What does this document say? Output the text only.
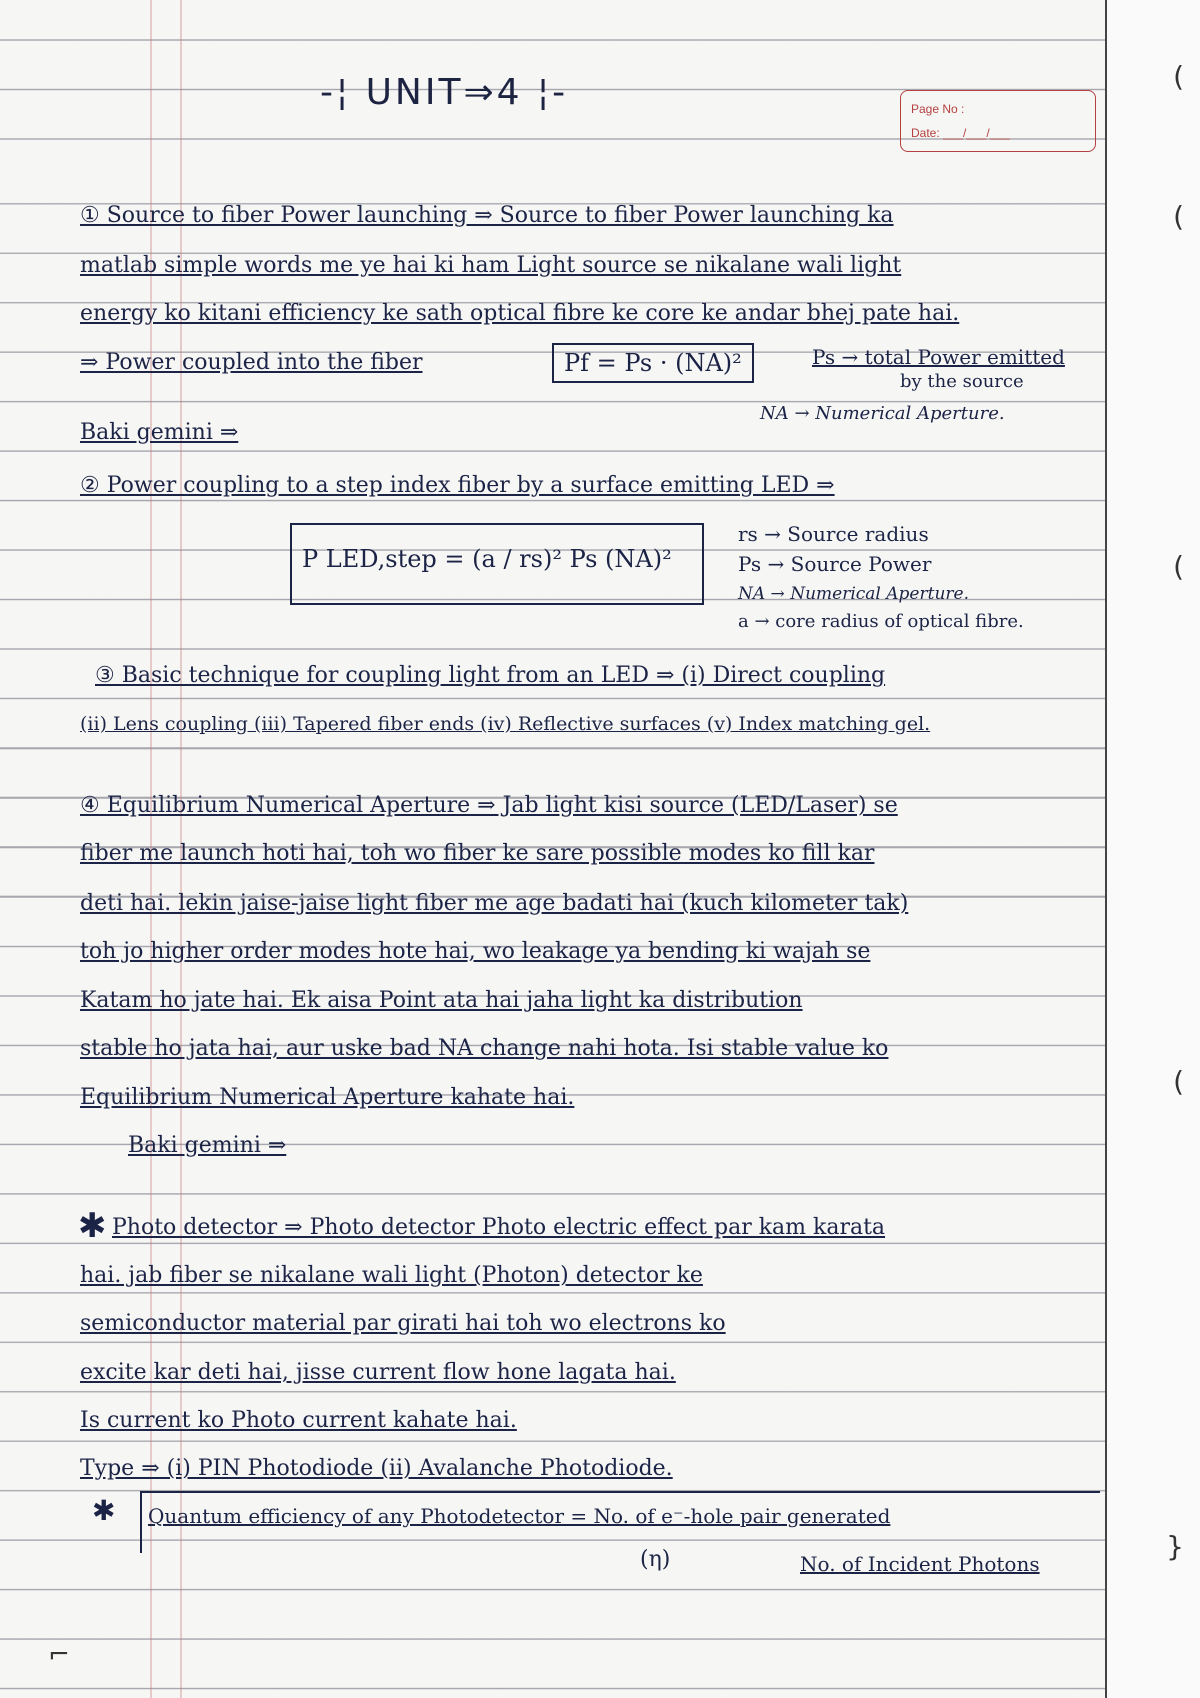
(
(
(
(
}
-¦ UNIT⇒4 ¦-	Page No :
Date: ___/___/___
① Source to fiber Power launching ⇒ Source to fiber Power launching ka
matlab simple words me ye hai ki ham Light source se nikalane wali light
energy ko kitani efficiency ke sath optical fibre ke core ke andar bhej pate hai.
⇒ Power coupled into the fiber	Pf = Ps · (NA)²	Ps → total Power emitted
by the source
NA → Numerical Aperture.
Baki gemini ⇒
② Power coupling to a step index fiber by a surface emitting LED ⇒
P LED,step = (a / rs)² Ps (NA)²
rs → Source radius
Ps → Source Power
NA → Numerical Aperture.
a → core radius of optical fibre.
③ Basic technique for coupling light from an LED ⇒ (i) Direct coupling
(ii) Lens coupling (iii) Tapered fiber ends (iv) Reflective surfaces (v) Index matching gel.
④ Equilibrium Numerical Aperture ⇒ Jab light kisi source (LED/Laser) se
fiber me launch hoti hai, toh wo fiber ke sare possible modes ko fill kar
deti hai. lekin jaise-jaise light fiber me age badati hai (kuch kilometer tak)
toh jo higher order modes hote hai, wo leakage ya bending ki wajah se
Katam ho jate hai. Ek aisa Point ata hai jaha light ka distribution
stable ho jata hai, aur uske bad NA change nahi hota. Isi stable value ko
Equilibrium Numerical Aperture kahate hai.
Baki gemini ⇒
✱ Photo detector ⇒ Photo detector Photo electric effect par kam karata
hai. jab fiber se nikalane wali light (Photon) detector ke
semiconductor material par girati hai toh wo electrons ko
excite kar deti hai, jisse current flow hone lagata hai.
Is current ko Photo current kahate hai.
Type ⇒ (i) PIN Photodiode (ii) Avalanche Photodiode.
✱ Quantum efficiency of any Photodetector = No. of e⁻-hole pair generated
(η)	No. of Incident Photons
⌐
